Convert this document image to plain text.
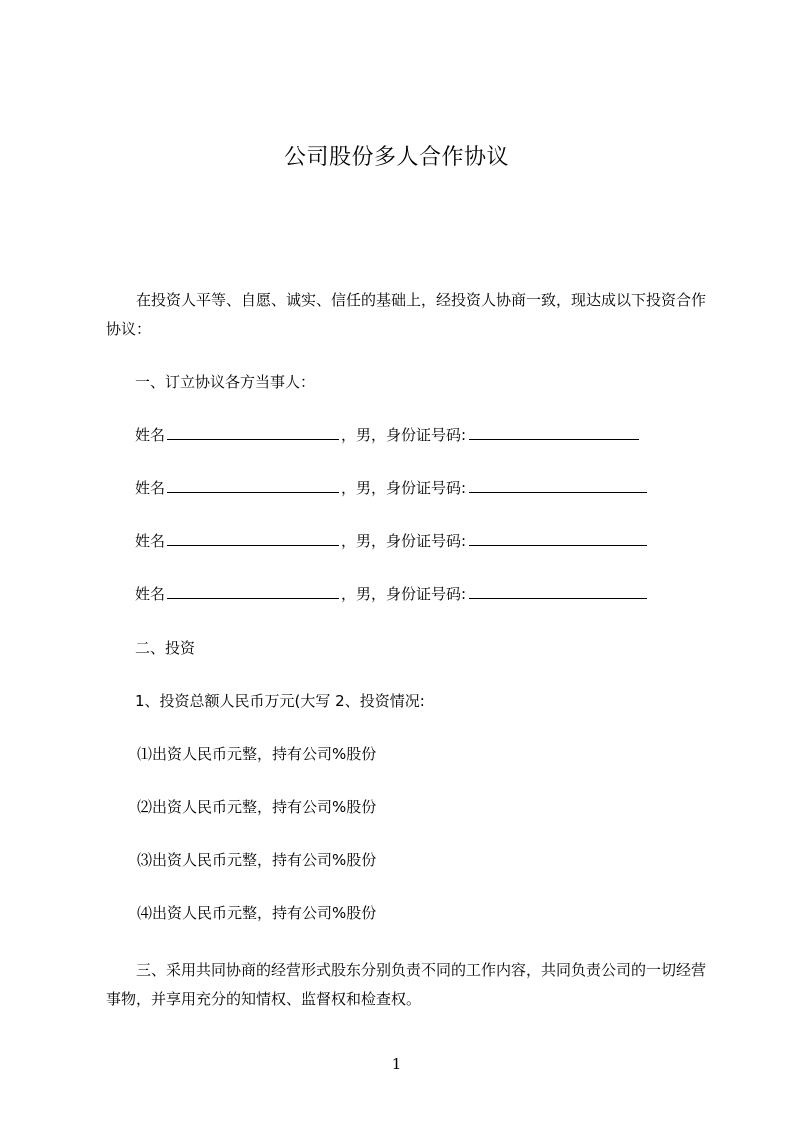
公司股份多人合作协议
在投资人平等、自愿、诚实、信任的基础上，经投资人协商一致，现达成以下投资合作协议：
一、订立协议各方当事人：
姓名	，男，身份证号码:
姓名	，男，身份证号码:
姓名	，男，身份证号码:
姓名	，男，身份证号码:
二、投资
1、投资总额人民币万元(大写 2、投资情况:
⑴出资人民币元整，持有公司%股份
⑵出资人民币元整，持有公司%股份
⑶出资人民币元整，持有公司%股份
⑷出资人民币元整，持有公司%股份
三、采用共同协商的经营形式股东分别负责不同的工作内容，共同负责公司的一切经营事物，并享用充分的知情权、监督权和检查权。
1
